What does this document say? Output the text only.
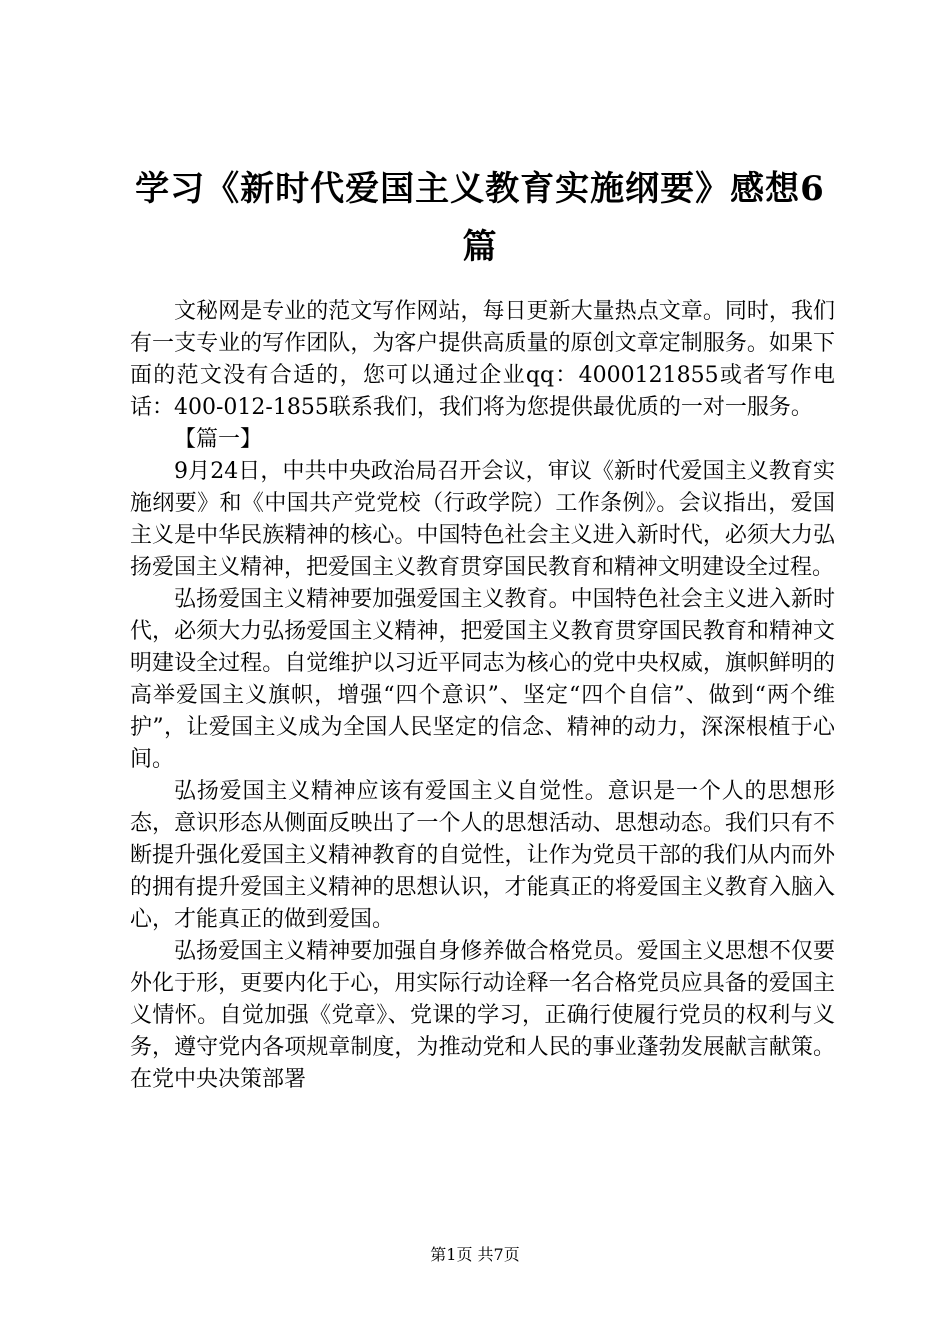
学习《新时代爱国主义教育实施纲要》感想6篇

文秘网是专业的范文写作网站，每日更新大量热点文章。同时，我们有一支专业的写作团队，为客户提供高质量的原创文章定制服务。如果下面的范文没有合适的，您可以通过企业qq：4000121855或者写作电话：400-012-1855联系我们，我们将为您提供最优质的一对一服务。

【篇一】

9月24日，中共中央政治局召开会议，审议《新时代爱国主义教育实施纲要》和《中国共产党党校（行政学院）工作条例》。会议指出，爱国主义是中华民族精神的核心。中国特色社会主义进入新时代，必须大力弘扬爱国主义精神，把爱国主义教育贯穿国民教育和精神文明建设全过程。

弘扬爱国主义精神要加强爱国主义教育。中国特色社会主义进入新时代，必须大力弘扬爱国主义精神，把爱国主义教育贯穿国民教育和精神文明建设全过程。自觉维护以习近平同志为核心的党中央权威，旗帜鲜明的高举爱国主义旗帜，增强“四个意识”、坚定“四个自信”、做到“两个维护”，让爱国主义成为全国人民坚定的信念、精神的动力，深深根植于心间。

弘扬爱国主义精神应该有爱国主义自觉性。意识是一个人的思想形态，意识形态从侧面反映出了一个人的思想活动、思想动态。我们只有不断提升强化爱国主义精神教育的自觉性，让作为党员干部的我们从内而外的拥有提升爱国主义精神的思想认识，才能真正的将爱国主义教育入脑入心，才能真正的做到爱国。

弘扬爱国主义精神要加强自身修养做合格党员。爱国主义思想不仅要外化于形，更要内化于心，用实际行动诠释一名合格党员应具备的爱国主义情怀。自觉加强《党章》、党课的学习，正确行使履行党员的权利与义务，遵守党内各项规章制度，为推动党和人民的事业蓬勃发展献言献策。在党中央决策部署

第1页 共7页
